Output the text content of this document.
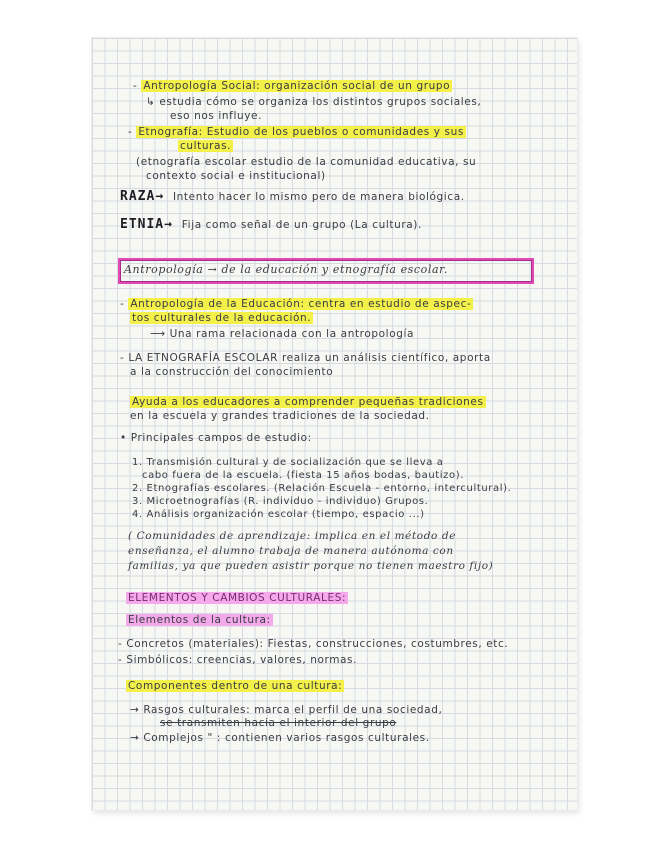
- Antropología Social: organización social de un grupo
↳ estudia cómo se organiza los distintos grupos sociales,
eso nos influye.
- Etnografía: Estudio de los pueblos o comunidades y sus
culturas.
(etnografía escolar estudio de la comunidad educativa, su
contexto social e institucional)
RAZA→ Intento hacer lo mismo pero de manera biológica.
ETNIA→ Fija como señal de un grupo (La cultura).
Antropología → de la educación y etnografía escolar.
- Antropología de la Educación: centra en estudio de aspec-
tos culturales de la educación.
⟶ Una rama relacionada con la antropología
- LA ETNOGRAFÍA ESCOLAR realiza un análisis científico, aporta
a la construcción del conocimiento
Ayuda a los educadores a comprender pequeñas tradiciones
en la escuela y grandes tradiciones de la sociedad.
• Principales campos de estudio:
1. Transmisión cultural y de socialización que se lleva a
cabo fuera de la escuela. (fiesta 15 años bodas, bautizo).
2. Etnografías escolares. (Relación Escuela - entorno, intercultural).
3. Microetnografías (R. individuo - individuo) Grupos.
4. Análisis organización escolar (tiempo, espacio ...)
( Comunidades de aprendizaje: implica en el método de
enseñanza, el alumno trabaja de manera autónoma con
familias, ya que pueden asistir porque no tienen maestro fijo)
ELEMENTOS Y CAMBIOS CULTURALES:
Elementos de la cultura:
- Concretos (materiales): Fiestas, construcciones, costumbres, etc.
- Simbólicos: creencias, valores, normas.
Componentes dentro de una cultura:
→ Rasgos culturales: marca el perfil de una sociedad,
se transmiten hacia el interior del grupo
→ Complejos " : contienen varios rasgos culturales.
